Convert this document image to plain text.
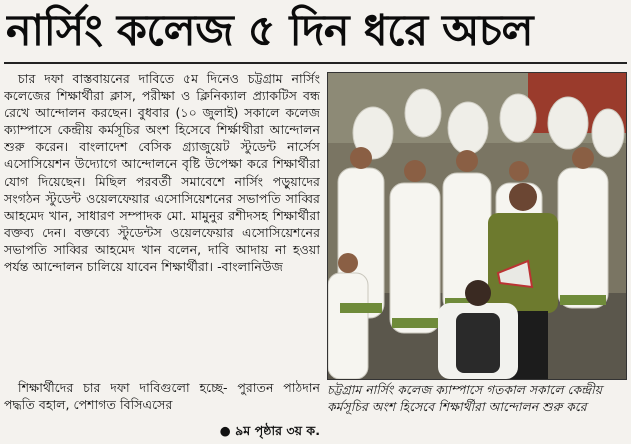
নার্সিং কলেজ ৫ দিন ধরে অচল

চার দফা বাস্তবায়নের দাবিতে ৫ম দিনেও চট্টগ্রাম নার্সিং কলেজের শিক্ষার্থীরা ক্লাস, পরীক্ষা ও ক্লিনিক্যাল প্র্যাকটিস বন্ধ রেখে আন্দোলন করছেন। বুধবার (১০ জুলাই) সকালে কলেজ ক্যাম্পাসে কেন্দ্রীয় কর্মসূচির অংশ হিসেবে শির্ক্ষাথীরা আন্দোলন শুরু করেন। বাংলাদেশ বেসিক গ্র্যাজুয়েট স্টুডেন্ট নার্সেস এসোসিয়েশন উদ্যোগে আন্দোলনে বৃষ্টি উপেক্ষা করে শিক্ষার্থীরা যোগ দিয়েছেন। মিছিল পরবর্তী সমাবেশে নার্সিং পড়ুয়াদের সংগঠন স্টুডেন্ট ওয়েলফেয়ার এসোসিয়েশনের সভাপতি সাব্বির আহমেদ খান, সাধারণ সম্পাদক মো. মামুনুর রশীদসহ শিক্ষার্থীরা বক্তব্য দেন। বক্তব্যে স্টুডেন্টস ওয়েলফেয়ার এসোসিয়েশনের সভাপতি সাব্বির আহমেদ খান বলেন, দাবি আদায় না হওয়া পর্যন্ত আন্দোলন চালিয়ে যাবেন শিক্ষার্থীরা। -বাংলানিউজ

শিক্ষার্থীদের চার দফা দাবিগুলো হচ্ছে- পুরাতন পাঠদান পদ্ধতি বহাল, পেশাগত বিসিএসের

● ৯ম পৃষ্ঠার ৩য় ক.
চট্টগ্রাম নার্সিং কলেজ ক্যাম্পাসে গতকাল সকালে কেন্দ্রীয় কর্মসূচির অংশ হিসেবে শিক্ষার্থীরা আন্দোলন শুরু করে
